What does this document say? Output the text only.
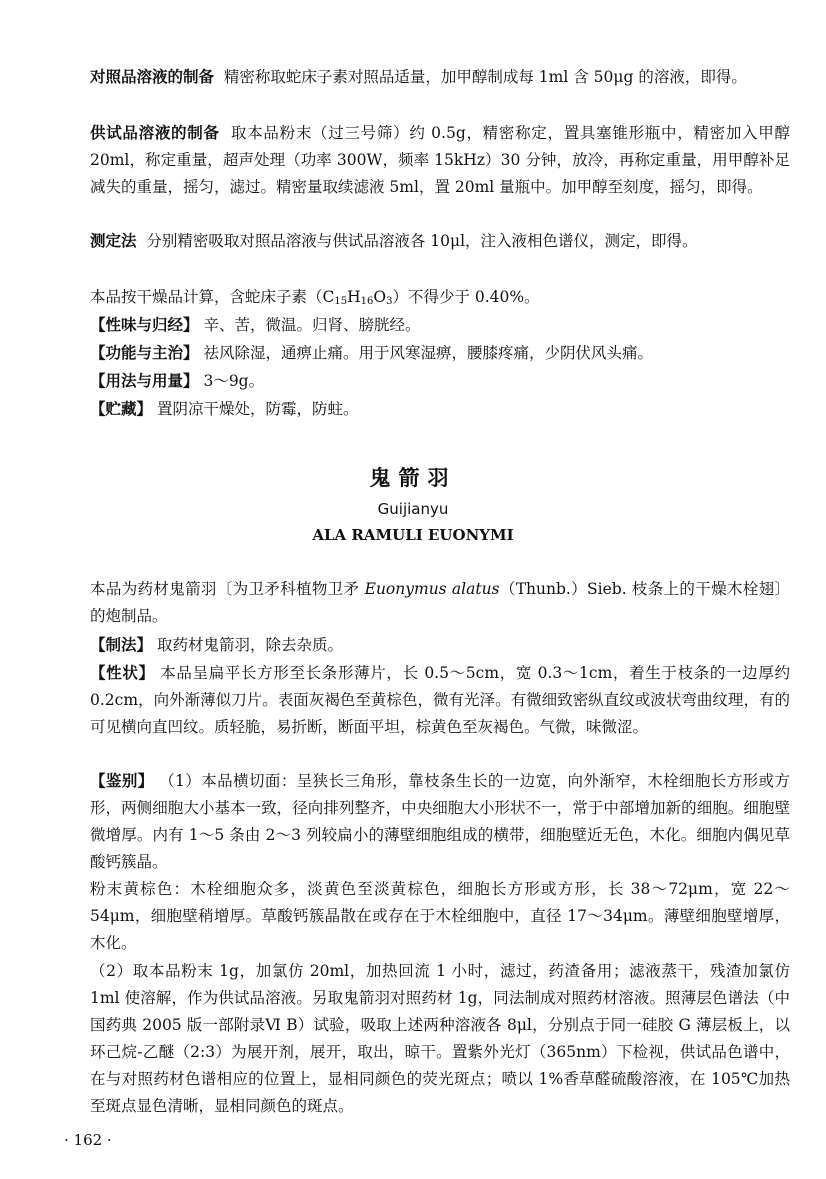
对照品溶液的制备 精密称取蛇床子素对照品适量，加甲醇制成每 1ml 含 50μg 的溶液，即得。

供试品溶液的制备 取本品粉末（过三号筛）约 0.5g，精密称定，置具塞锥形瓶中，精密加入甲醇 20ml，称定重量，超声处理（功率 300W，频率 15kHz）30 分钟，放冷，再称定重量，用甲醇补足减失的重量，摇匀，滤过。精密量取续滤液 5ml，置 20ml 量瓶中。加甲醇至刻度，摇匀，即得。

测定法 分别精密吸取对照品溶液与供试品溶液各 10μl，注入液相色谱仪，测定，即得。

本品按干燥品计算，含蛇床子素$(C_{15}H_{16}O_3)$不得少于 0.40%。

【性味与归经】 辛、苦，微温。归肾、膀胱经。

【功能与主治】 祛风除湿，通痹止痛。用于风寒湿痹，腰膝疼痛，少阴伏风头痛。

【用法与用量】 3～9g。

【贮藏】 置阴凉干燥处，防霉，防蛀。

鬼箭羽
Guijianyu
ALA RAMULI EUONYMI

本品为药材鬼箭羽〔为卫矛科植物卫矛 Euonymus alatus（Thunb.）Sieb. 枝条上的干燥木栓翅〕的炮制品。

【制法】 取药材鬼箭羽，除去杂质。

【性状】 本品呈扁平长方形至长条形薄片，长 0.5～5cm，宽 0.3～1cm，着生于枝条的一边厚约 0.2cm，向外渐薄似刀片。表面灰褐色至黄棕色，微有光泽。有微细致密纵直纹或波状弯曲纹理，有的可见横向直凹纹。质轻脆，易折断，断面平坦，棕黄色至灰褐色。气微，味微涩。

【鉴别】 （1）本品横切面：呈狭长三角形，靠枝条生长的一边宽，向外渐窄，木栓细胞长方形或方形，两侧细胞大小基本一致，径向排列整齐，中央细胞大小形状不一，常于中部增加新的细胞。细胞壁微增厚。内有 1～5 条由 2～3 列较扁小的薄壁细胞组成的横带，细胞壁近无色，木化。细胞内偶见草酸钙簇晶。

粉末黄棕色：木栓细胞众多，淡黄色至淡黄棕色，细胞长方形或方形，长 38～72μm，宽 22～54μm，细胞壁稍增厚。草酸钙簇晶散在或存在于木栓细胞中，直径 17～34μm。薄壁细胞壁增厚，木化。

（2）取本品粉末 1g，加氯仿 20ml，加热回流 1 小时，滤过，药渣备用；滤液蒸干，残渣加氯仿 1ml 使溶解，作为供试品溶液。另取鬼箭羽对照药材 1g，同法制成对照药材溶液。照薄层色谱法（中国药典 2005 版一部附录Ⅵ B）试验，吸取上述两种溶液各 8μl，分别点于同一硅胶 G 薄层板上，以环己烷-乙醚（2:3）为展开剂，展开，取出，晾干。置紫外光灯（365nm）下检视，供试品色谱中，在与对照药材色谱相应的位置上，显相同颜色的荧光斑点；喷以 1%香草醛硫酸溶液，在 105℃加热至斑点显色清晰，显相同颜色的斑点。

· 162 ·
